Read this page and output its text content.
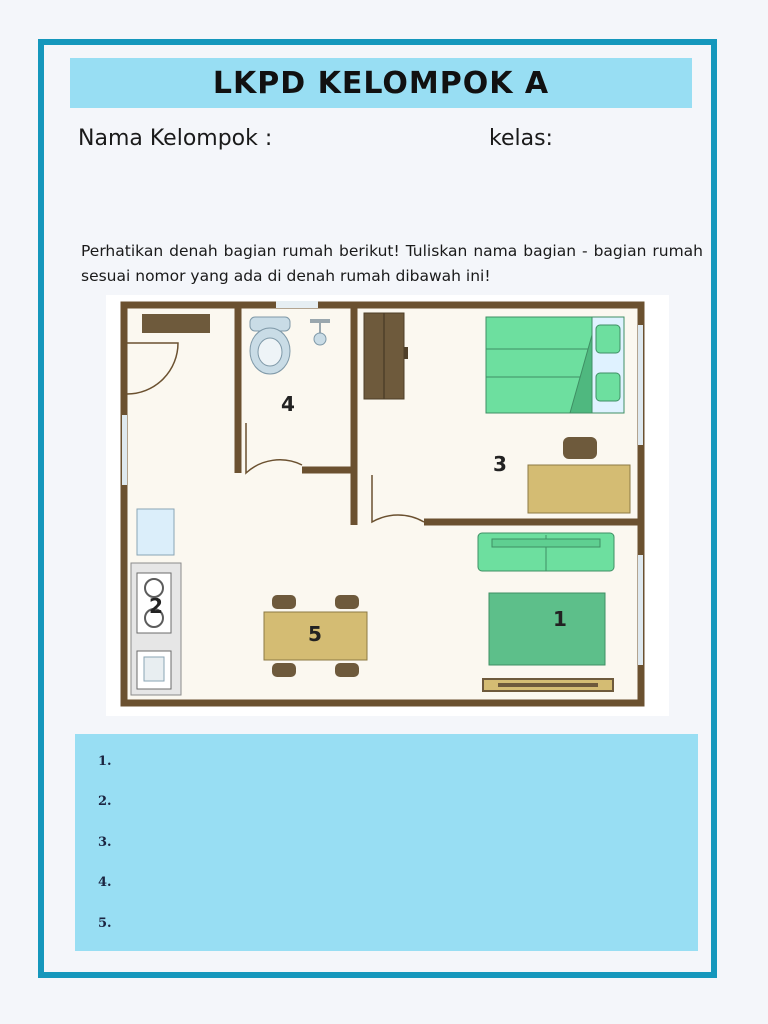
LKPD KELOMPOK A
Nama Kelompok :	kelas:
Perhatikan denah bagian rumah berikut! Tuliskan nama bagian - bagian rumah sesuai nomor yang ada di denah rumah dibawah ini!
1
2
3
4
5
1.
2.
3.
4.
5.
